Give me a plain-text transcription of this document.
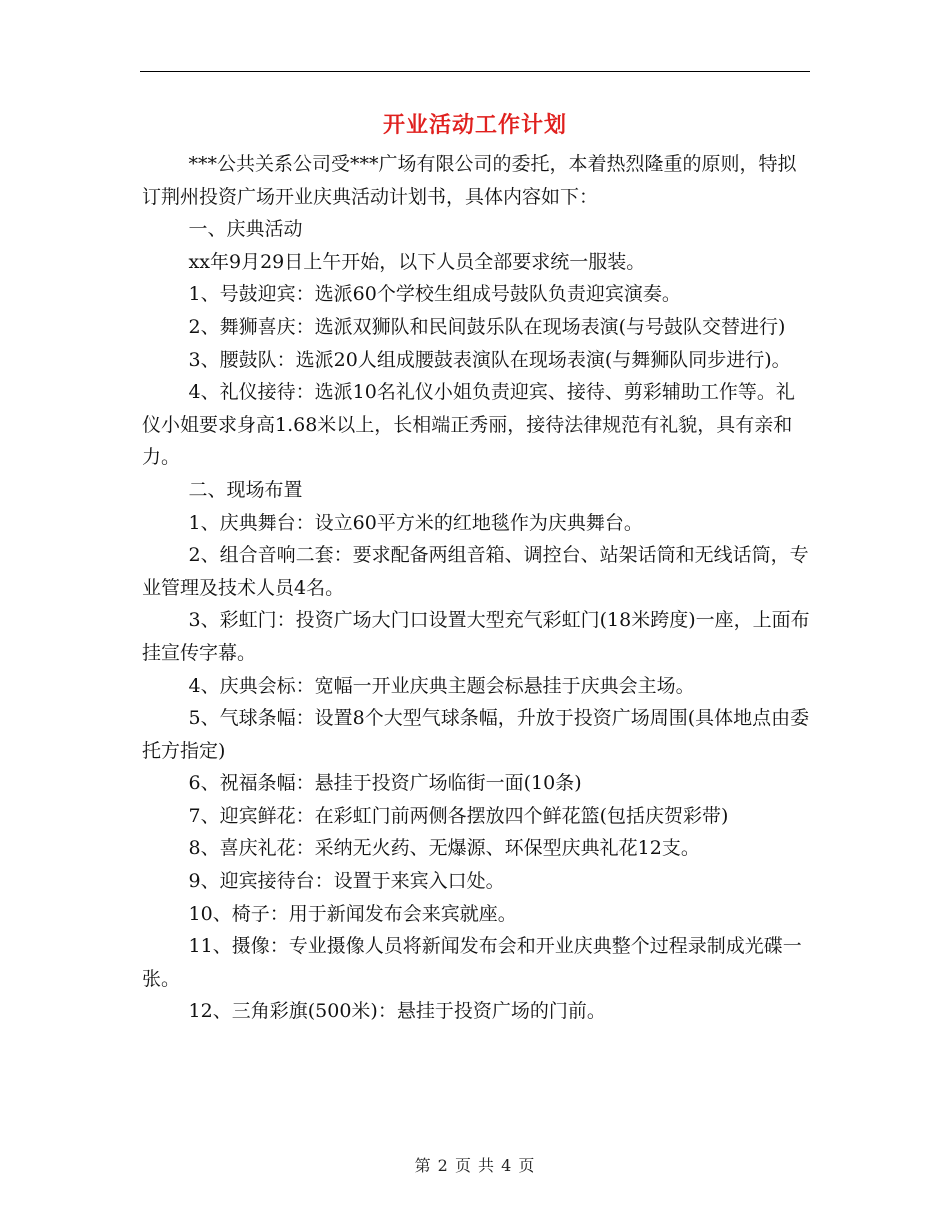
开业活动工作计划

***公共关系公司受***广场有限公司的委托，本着热烈隆重的原则，特拟订荆州投资广场开业庆典活动计划书，具体内容如下：

一、庆典活动

xx年9月29日上午开始，以下人员全部要求统一服装。

1、号鼓迎宾：选派60个学校生组成号鼓队负责迎宾演奏。

2、舞狮喜庆：选派双狮队和民间鼓乐队在现场表演(与号鼓队交替进行)

3、腰鼓队：选派20人组成腰鼓表演队在现场表演(与舞狮队同步进行)。

4、礼仪接待：选派10名礼仪小姐负责迎宾、接待、剪彩辅助工作等。礼仪小姐要求身高1.68米以上，长相端正秀丽，接待法律规范有礼貌，具有亲和力。

二、现场布置

1、庆典舞台：设立60平方米的红地毯作为庆典舞台。

2、组合音响二套：要求配备两组音箱、调控台、站架话筒和无线话筒，专业管理及技术人员4名。

3、彩虹门：投资广场大门口设置大型充气彩虹门(18米跨度)一座，上面布挂宣传字幕。

4、庆典会标：宽幅一开业庆典主题会标悬挂于庆典会主场。

5、气球条幅：设置8个大型气球条幅，升放于投资广场周围(具体地点由委托方指定)

6、祝福条幅：悬挂于投资广场临街一面(10条)

7、迎宾鲜花：在彩虹门前两侧各摆放四个鲜花篮(包括庆贺彩带)

8、喜庆礼花：采纳无火药、无爆源、环保型庆典礼花12支。

9、迎宾接待台：设置于来宾入口处。

10、椅子：用于新闻发布会来宾就座。

11、摄像：专业摄像人员将新闻发布会和开业庆典整个过程录制成光碟一张。

12、三角彩旗(500米)：悬挂于投资广场的门前。

第 2 页 共 4 页
